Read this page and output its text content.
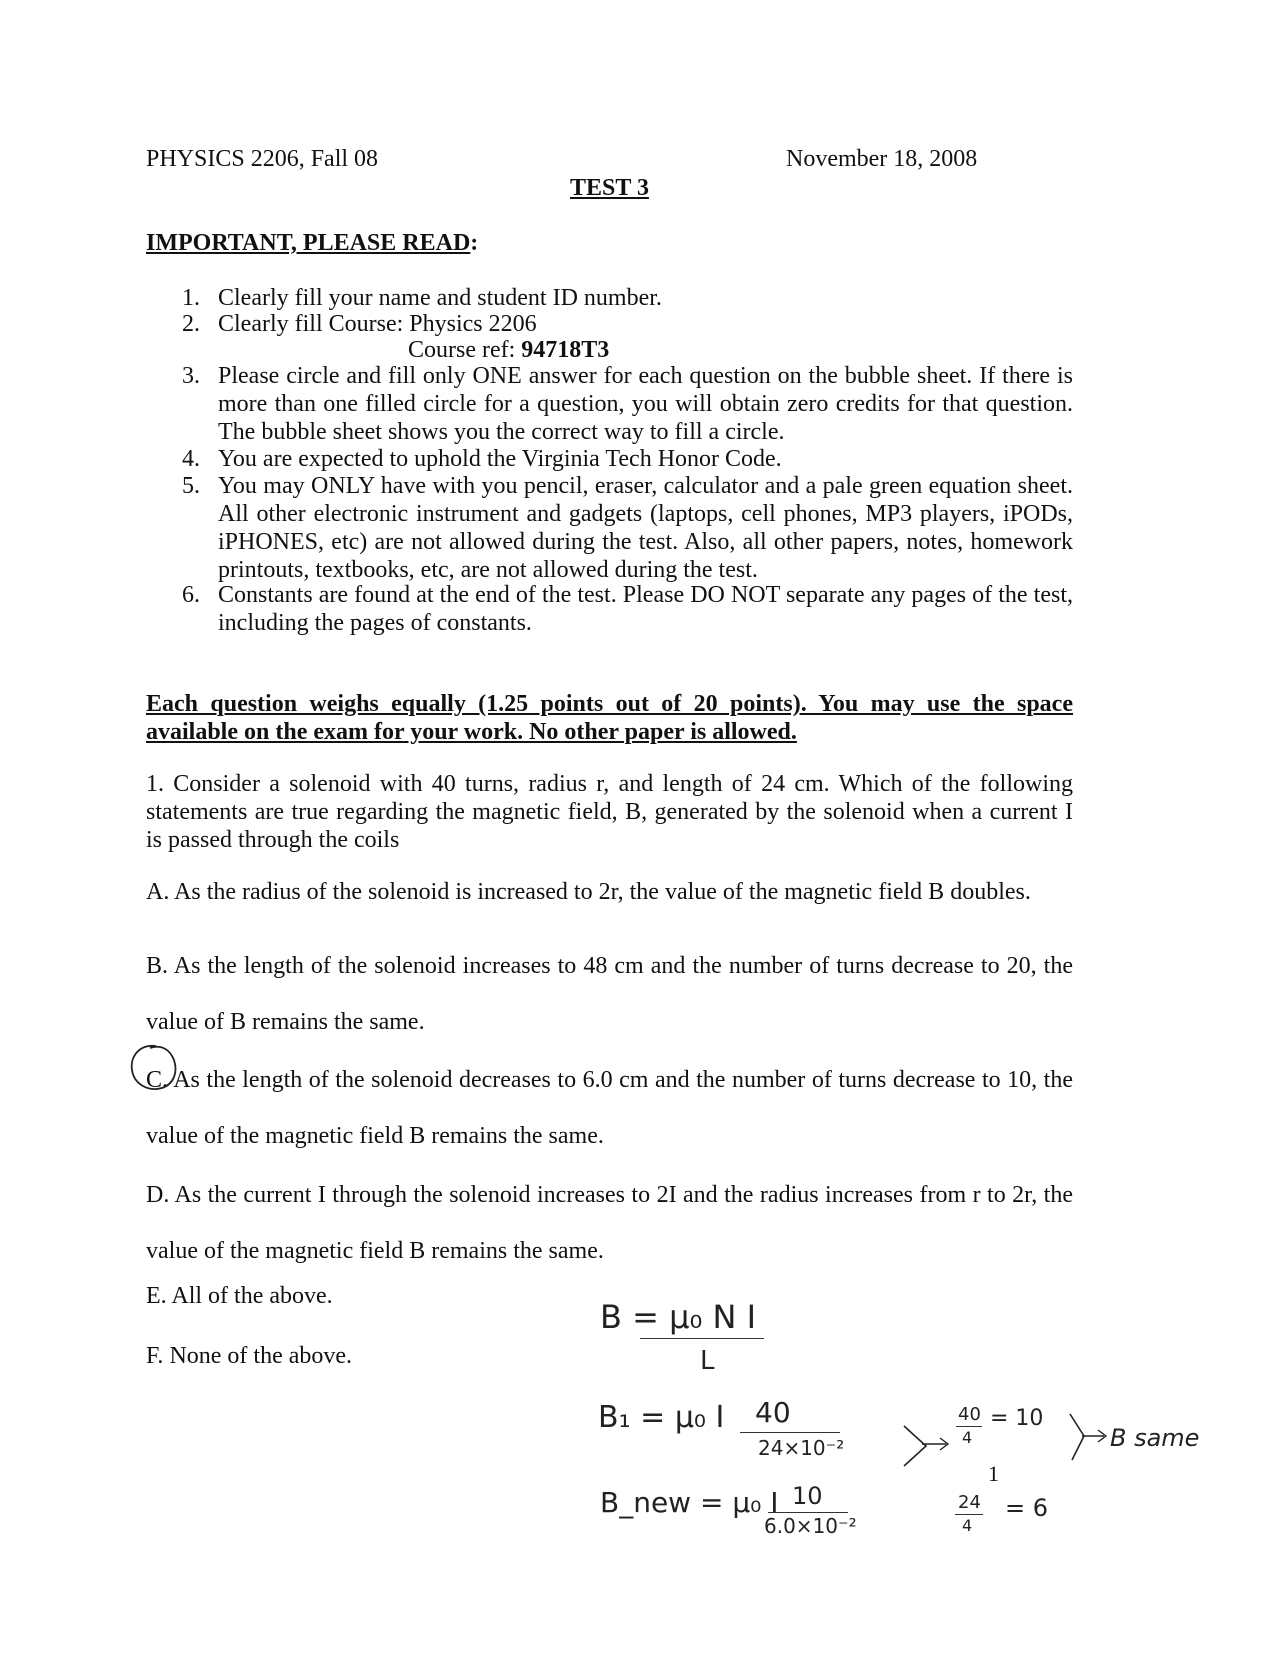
PHYSICS 2206, Fall 08	November 18, 2008
TEST 3
IMPORTANT, PLEASE READ:
1. Clearly fill your name and student ID number.
2. Clearly fill Course: Physics 2206
Course ref: 94718T3
3. Please circle and fill only ONE answer for each question on the bubble sheet. If there is more than one filled circle for a question, you will obtain zero credits for that question. The bubble sheet shows you the correct way to fill a circle.
4. You are expected to uphold the Virginia Tech Honor Code.
5. You may ONLY have with you pencil, eraser, calculator and a pale green equation sheet. All other electronic instrument and gadgets (laptops, cell phones, MP3 players, iPODs, iPHONES, etc) are not allowed during the test. Also, all other papers, notes, homework printouts, textbooks, etc, are not allowed during the test.
6. Constants are found at the end of the test. Please DO NOT separate any pages of the test, including the pages of constants.
Each question weighs equally (1.25 points out of 20 points). You may use the space available on the exam for your work. No other paper is allowed.
1. Consider a solenoid with 40 turns, radius r, and length of 24 cm. Which of the following statements are true regarding the magnetic field, B, generated by the solenoid when a current I is passed through the coils
A. As the radius of the solenoid is increased to 2r, the value of the magnetic field B doubles.
B. As the length of the solenoid increases to 48 cm and the number of turns decrease to 20, the value of B remains the same.
C. As the length of the solenoid decreases to 6.0 cm and the number of turns decrease to 10, the value of the magnetic field B remains the same.
D. As the current I through the solenoid increases to 2I and the radius increases from r to 2r, the value of the magnetic field B remains the same.
E. All of the above.
F. None of the above.
B = μ₀ N I
L
B₁ = μ₀ I 40
24×10⁻²
B_new = μ₀ I 10
6.0×10⁻²
40
4
= 10
1
24
4
= 6
B same
